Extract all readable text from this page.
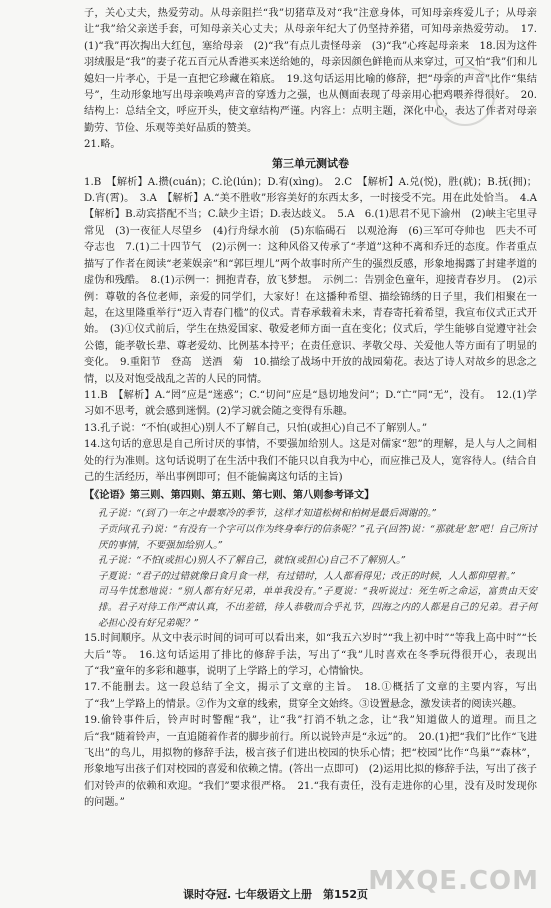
子，关心丈夫，热爱劳动。从母亲阻拦“我”切猪草及对“我”注意身体，可知母亲疼爱儿子；从母亲让“我”给父亲送手套，可知母亲关心丈夫；从母亲年纪大了仍坚持养猪，可知母亲热爱劳动。　17.(1)“我”再次掏出大红包，塞给母亲　(2)“我”有点儿责怪母亲　(3)“我”心疼起母亲来　18.因为这件羽绒服是“我”的妻子花五百元从香港买来送给她的，母亲因颜色鲜艳而从来穿过，可又怕“我”们和儿媳妇一片孝心，于是一直把它珍藏在箱底。　19.这句话运用比喻的修辞，把“母亲的声音”比作“集结号”，生动形象地写出母亲唤鸡声音的穿透力之强，也从侧面表现了母亲用心把鸡喂养得很好。　20.结构上：总结全文，呼应开头，使文章结构严谨。内容上：点明主题，深化中心，表达了作者对母亲勤劳、节俭、乐观等美好品质的赞美。

21.略。

第三单元测试卷

1.B　【解析】A.攒(cuán)；C.论(lún)；D.宥(xìng)。　2.C　【解析】A.兑(悦)，胜(就)；B.抚(拥)；D.宵(霄)。　3.A　【解析】A.“美不胜收”形容美好的东西太多，一时接受不完。用在此处恰当。　4.A　【解析】B.动宾搭配不当；C.缺少主语；D.表达歧义。　5.A　6.(1)思君不见下渝州　(2)峡主宅里寻常见　(3)一夜征人尽望乡　(4)行舟绿水前　(5)东临碣石　以观沧海　(6)三军可夺帅也　匹夫不可夺志也　7.(1)二十四节气　(2)示例一：这种风俗又传承了“孝道”这种不离和乔迁的态度。作者重点描写了作者在阅读“老莱娱亲”和“郭巨埋儿”两个故事时所产生的强烈反感，形象地揭露了封建孝道的虚伪和残酷。　8.(1)示例一：拥抱青春，放飞梦想。　示例二：告别金色童年，迎接青春岁月。　(2)示例：尊敬的各位老师，亲爱的同学们，大家好！在这播种希望、描绘锦绣的日子里，我们相聚在一起，在这里隆重举行“迈入青春门槛”的仪式。青春承载着未来，青春寄托着希望，我宣布仪式正式开始。　(3)①仪式前后，学生在热爱国家、敬爱老师方面一直在变化；仪式后，学生能够自觉遵守社会公德，能孝敬长辈、尊老爱幼、比例基本持平；在责任意识、孝敬父母、关爱他人等方面有了明显的变化。　9.重阳节　登高　送酒　菊　10.描绘了战场中开放的战园菊花。表达了诗人对故乡的思念之情，以及对饱受战乱之苦的人民的同情。

11.B　【解析】A.“罔”应是“迷惑”；C.“切问”应是“恳切地发问”；D.“亡”同“无”，没有。　12.(1)学习如不思考，就会感到迷惘。(2)学习就会随之变得有乐趣。

13.孔子说：“不怕(或担心)别人不了解自己，只怕(或担心)自己不了解别人。”

14.这句话的意思是自己所讨厌的事情，不要强加给别人。这是对儒家“恕”的理解，是人与人之间相处的行为准则。这句话说明了在生活中我们不能只以自我为中心，而应推己及人，宽容待人。(结合自己的生活经历，举出事例即可；但不能偏离这句话的主旨)

【《论语》第三则、第四则、第五则、第七则、第八则参考译文】

孔子说：“(到了)一年之中最寒冷的季节，这样才知道松树和柏树是最后凋谢的。”

子贡问(孔子)说：“有没有一个字可以作为终身奉行的信条呢？”孔子(回答)说：“那就是‘恕’吧！自己所讨厌的事情，不要强加给别人。”

孔子说：“不怕(或担心)别人不了解自己，就怕(或担心)自己不了解别人。”

子夏说：“君子的过错就像日食月食一样，有过错时，人人都看得见；改正的时候，人人都仰望着。”

司马牛忧愁地说：“别人都有好兄弟，单单我没有。”子夏说：“我听说过：死生听之命运，富贵由天安排。君子对待工作严肃认真，不出差错，待人恭敬而合乎礼节，四海之内的人都是自己的兄弟。君子何必担心没有好兄弟呢？”

15.时间顺序。从文中表示时间的词可可以看出来，如“我五六岁时”“我上初中时”“等我上高中时”“长大后”等。　16.这句话运用了排比的修辞手法，写出了“我”儿时喜欢在冬季玩得很开心，表现出了“我”童年的多彩和趣事，说明了上学路上的学习，心情愉快。

17.不能删去。这一段总结了全文，揭示了文章的主旨。　18.①概括了文章的主要内容，写出了“我”上学路上的情景。②作为文章的线索，贯穿全文始终。③设置悬念，激发读者的阅读兴趣。

19.偷铃事件后，铃声时时警醒“我”，让“我”打消不轨之念，让“我”知道做人的道理。而且之后“我”随着铃声，一直追随着作者的脚步前行。所以说铃声是“永远”的。　20.(1)把“我们”比作“飞进飞出”的鸟儿，用拟物的修辞手法，极言孩子们进出校园的快乐心情；把“校园”比作“鸟巢”“森林”，形象地写出孩子们对校园的喜爱和依赖之情。(答出一点即可)　(2)运用比拟的修辞手法，写出了孩子们对铃声的依赖和欢迎。“我们”要求很严格。　21.“我有责任，没有走进你的心里，没有及时发现你的问题。”

课时夺冠. 七年级语文上册　第152页 MXQE.COM
